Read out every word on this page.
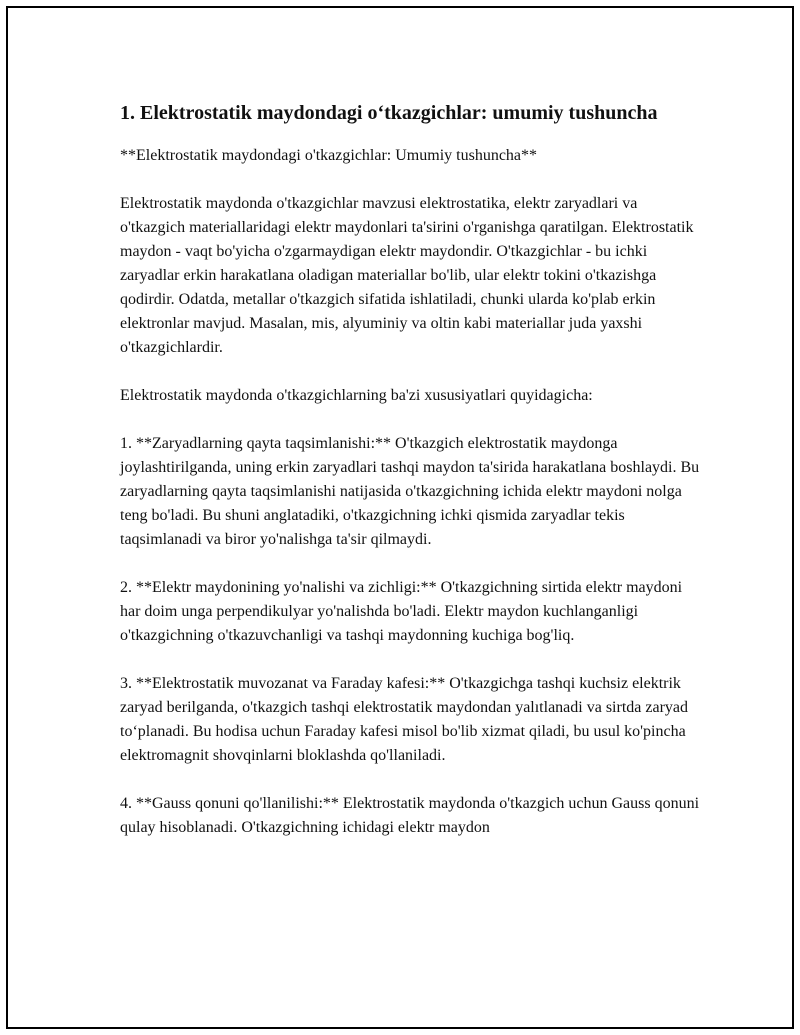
1. Elektrostatik maydondagi o‘tkazgichlar: umumiy tushuncha

**Elektrostatik maydondagi o'tkazgichlar: Umumiy tushuncha**

Elektrostatik maydonda o'tkazgichlar mavzusi elektrostatika, elektr zaryadlari va o'tkazgich materiallaridagi elektr maydonlari ta'sirini o'rganishga qaratilgan. Elektrostatik maydon - vaqt bo'yicha o'zgarmaydigan elektr maydondir. O'tkazgichlar - bu ichki zaryadlar erkin harakatlana oladigan materiallar bo'lib, ular elektr tokini o'tkazishga qodirdir. Odatda, metallar o'tkazgich sifatida ishlatiladi, chunki ularda ko'plab erkin elektronlar mavjud. Masalan, mis, alyuminiy va oltin kabi materiallar juda yaxshi o'tkazgichlardir.

Elektrostatik maydonda o'tkazgichlarning ba'zi xususiyatlari quyidagicha:

1. **Zaryadlarning qayta taqsimlanishi:** O'tkazgich elektrostatik maydonga joylashtirilganda, uning erkin zaryadlari tashqi maydon ta'sirida harakatlana boshlaydi. Bu zaryadlarning qayta taqsimlanishi natijasida o'tkazgichning ichida elektr maydoni nolga teng bo'ladi. Bu shuni anglatadiki, o'tkazgichning ichki qismida zaryadlar tekis taqsimlanadi va biror yo'nalishga ta'sir qilmaydi.

2. **Elektr maydonining yo'nalishi va zichligi:** O'tkazgichning sirtida elektr maydoni har doim unga perpendikulyar yo'nalishda bo'ladi. Elektr maydon kuchlanganligi o'tkazgichning o'tkazuvchanligi va tashqi maydonning kuchiga bog'liq.

3. **Elektrostatik muvozanat va Faraday kafesi:** O'tkazgichga tashqi kuchsiz elektrik zaryad berilganda, o'tkazgich tashqi elektrostatik maydondan yalıtlanadi va sirtda zaryad to‘planadi. Bu hodisa uchun Faraday kafesi misol bo'lib xizmat qiladi, bu usul ko'pincha elektromagnit shovqinlarni bloklashda qo'llaniladi.

4. **Gauss qonuni qo'llanilishi:** Elektrostatik maydonda o'tkazgich uchun Gauss qonuni qulay hisoblanadi. O'tkazgichning ichidagi elektr maydon
